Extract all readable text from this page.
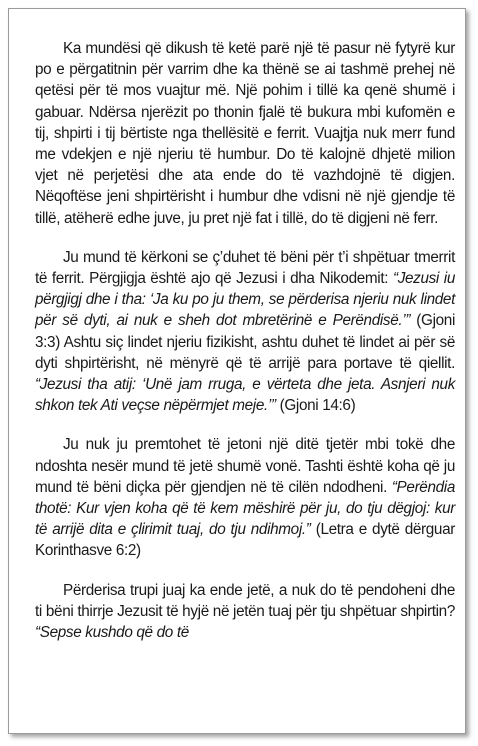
Ka mundësi që dikush të ketë parë një të pasur në fytyrë kur po e përgatitnin për varrim dhe ka thënë se ai tashmë prehej në qetësi për të mos vuajtur më. Një pohim i tillë ka qenë shumë i gabuar. Ndërsa njerëzit po thonin fjalë të bukura mbi kufomën e tij, shpirti i tij bërtiste nga thellësitë e ferrit. Vuajtja nuk merr fund me vdekjen e një njeriu të humbur. Do të kalojnë dhjetë milion vjet në perjetësi dhe ata ende do të vazhdojnë të digjen. Nëqoftëse jeni shpirtërisht i humbur dhe vdisni në një gjendje të tillë, atëherë edhe juve, ju pret një fat i tillë, do të digjeni në ferr.

Ju mund të kërkoni se ç’duhet të bëni për t’i shpëtuar tmerrit të ferrit. Përgjigja është ajo që Jezusi i dha Nikodemit: “Jezusi iu përgjigj dhe i tha: ‘Ja ku po ju them, se përderisa njeriu nuk lindet për së dyti, ai nuk e sheh dot mbretërinë e Perëndisë.’” (Gjoni 3:3) Ashtu siç lindet njeriu fizikisht, ashtu duhet të lindet ai për së dyti shpirtërisht, në mënyrë që të arrijë para portave të qiellit. “Jezusi tha atij: ‘Unë jam rruga, e vërteta dhe jeta. Asnjeri nuk shkon tek Ati veçse nëpërmjet meje.’” (Gjoni 14:6)

Ju nuk ju premtohet të jetoni një ditë tjetër mbi tokë dhe ndoshta nesër mund të jetë shumë vonë. Tashti është koha që ju mund të bëni diçka për gjendjen në të cilën ndodheni. “Perëndia thotë: Kur vjen koha që të kem mëshirë për ju, do tju dëgjoj: kur të arrijë dita e çlirimit tuaj, do tju ndihmoj.” (Letra e dytë dërguar Korinthasve 6:2)

Përderisa trupi juaj ka ende jetë, a nuk do të pendoheni dhe ti bëni thirrje Jezusit të hyjë në jetën tuaj për tju shpëtuar shpirtin? “Sepse kushdo që do të
